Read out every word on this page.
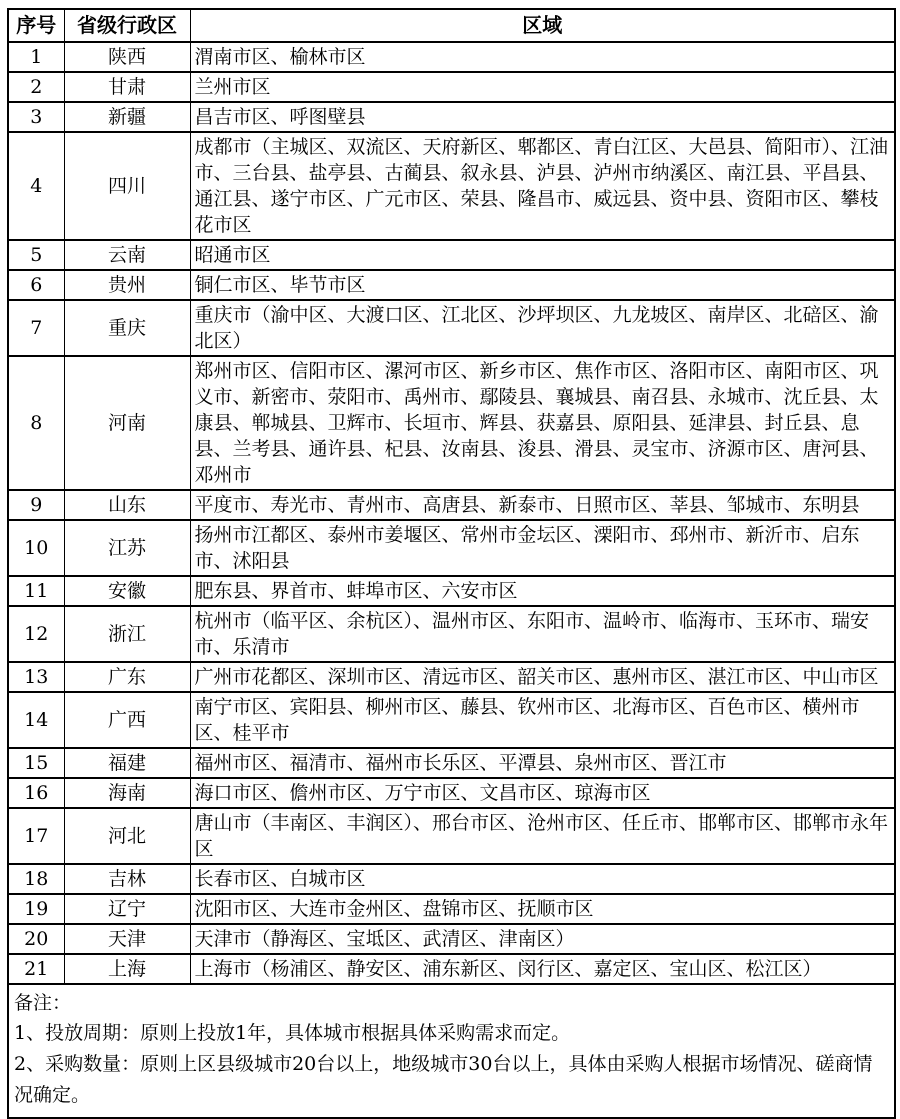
序号	省级行政区	区域
1	陕西	渭南市区、榆林市区
2	甘肃	兰州市区
3	新疆	昌吉市区、呼图壁县
4	四川	成都市（主城区、双流区、天府新区、郫都区、青白江区、大邑县、简阳市）、江油市、三台县、盐亭县、古蔺县、叙永县、泸县、泸州市纳溪区、南江县、平昌县、通江县、遂宁市区、广元市区、荣县、隆昌市、威远县、资中县、资阳市区、攀枝花市区
5	云南	昭通市区
6	贵州	铜仁市区、毕节市区
7	重庆	重庆市（渝中区、大渡口区、江北区、沙坪坝区、九龙坡区、南岸区、北碚区、渝北区）
8	河南	郑州市区、信阳市区、漯河市区、新乡市区、焦作市区、洛阳市区、南阳市区、巩义市、新密市、荥阳市、禹州市、鄢陵县、襄城县、南召县、永城市、沈丘县、太康县、郸城县、卫辉市、长垣市、辉县、获嘉县、原阳县、延津县、封丘县、息县、兰考县、通许县、杞县、汝南县、浚县、滑县、灵宝市、济源市区、唐河县、邓州市
9	山东	平度市、寿光市、青州市、高唐县、新泰市、日照市区、莘县、邹城市、东明县
10	江苏	扬州市江都区、泰州市姜堰区、常州市金坛区、溧阳市、邳州市、新沂市、启东市、沭阳县
11	安徽	肥东县、界首市、蚌埠市区、六安市区
12	浙江	杭州市（临平区、余杭区）、温州市区、东阳市、温岭市、临海市、玉环市、瑞安市、乐清市
13	广东	广州市花都区、深圳市区、清远市区、韶关市区、惠州市区、湛江市区、中山市区
14	广西	南宁市区、宾阳县、柳州市区、藤县、钦州市区、北海市区、百色市区、横州市区、桂平市
15	福建	福州市区、福清市、福州市长乐区、平潭县、泉州市区、晋江市
16	海南	海口市区、儋州市区、万宁市区、文昌市区、琼海市区
17	河北	唐山市（丰南区、丰润区）、邢台市区、沧州市区、任丘市、邯郸市区、邯郸市永年区
18	吉林	长春市区、白城市区
19	辽宁	沈阳市区、大连市金州区、盘锦市区、抚顺市区
20	天津	天津市（静海区、宝坻区、武清区、津南区）
21	上海	上海市（杨浦区、静安区、浦东新区、闵行区、嘉定区、宝山区、松江区）

备注：
1、投放周期：原则上投放1年，具体城市根据具体采购需求而定。
2、采购数量：原则上区县级城市20台以上，地级城市30台以上，具体由采购人根据市场情况、磋商情况确定。		
